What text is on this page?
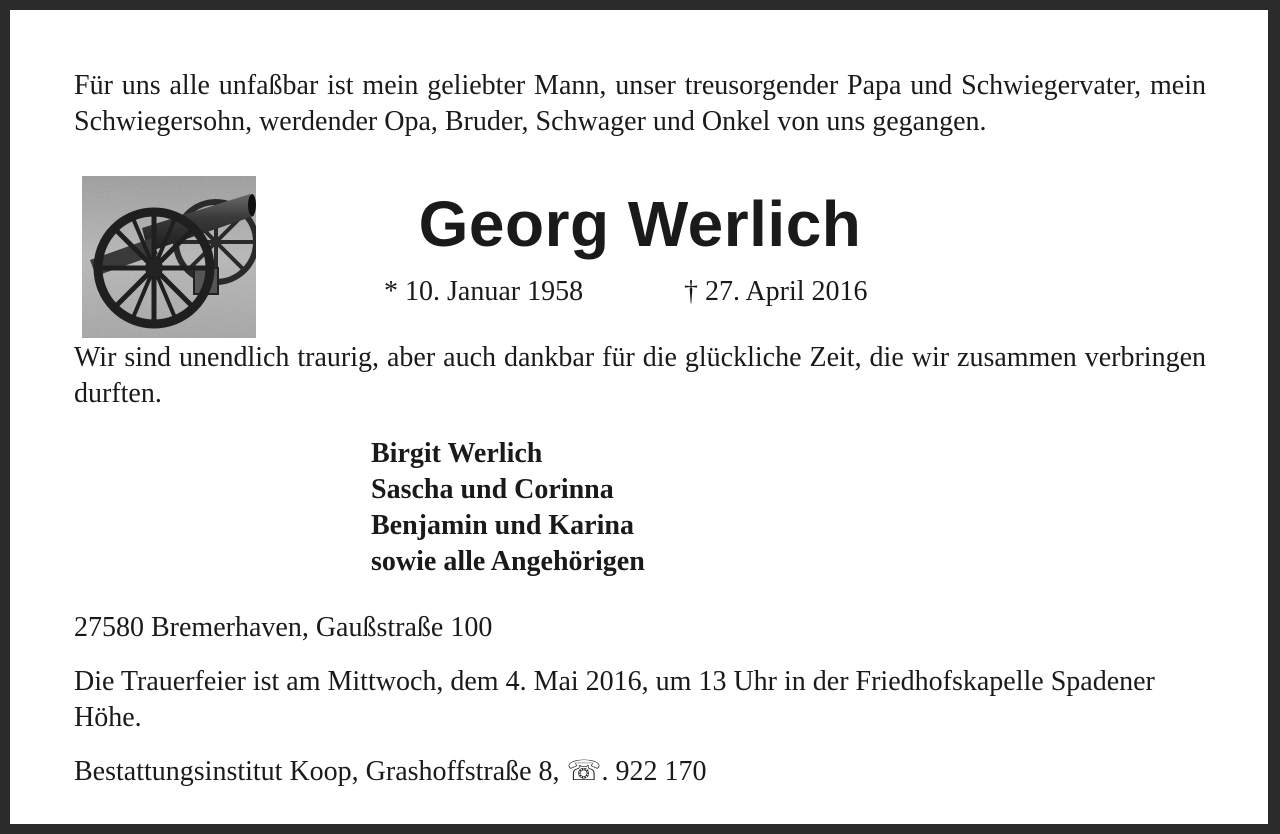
Für uns alle unfaßbar ist mein geliebter Mann, unser treusorgender Papa und Schwiegervater, mein Schwiegersohn, werdender Opa, Bruder, Schwager und Onkel von uns gegangen.

Georg Werlich
* 10. Januar 1958	† 27. April 2016

Wir sind unendlich traurig, aber auch dankbar für die glückliche Zeit, die wir zusammen verbringen durften.

Birgit Werlich
Sascha und Corinna
Benjamin und Karina
sowie alle Angehörigen

27580 Bremerhaven, Gaußstraße 100

Die Trauerfeier ist am Mittwoch, dem 4. Mai 2016, um 13 Uhr in der Friedhofskapelle Spadener Höhe.

Bestattungsinstitut Koop, Grashoffstraße 8, ☏. 922 170
